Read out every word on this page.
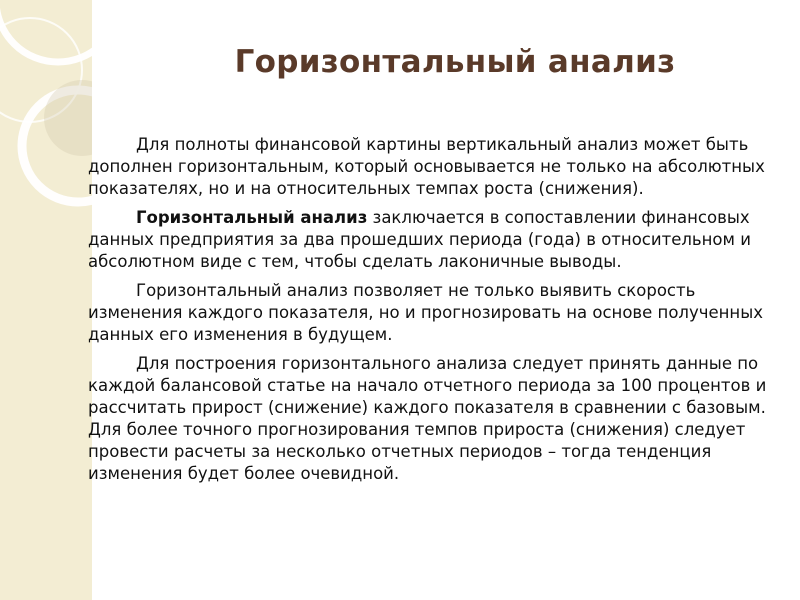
Горизонтальный анализ

Для полноты финансовой картины вертикальный анализ может быть дополнен горизонтальным, который основывается не только на абсолютных показателях, но и на относительных темпах роста (снижения).

Горизонтальный анализ заключается в сопоставлении финансовых данных предприятия за два прошедших периода (года) в относительном и абсолютном виде с тем, чтобы сделать лаконичные выводы.

Горизонтальный анализ позволяет не только выявить скорость изменения каждого показателя, но и прогнозировать на основе полученных данных его изменения в будущем.

Для построения горизонтального анализа следует принять данные по каждой балансовой статье на начало отчетного периода за 100 процентов и рассчитать прирост (снижение) каждого показателя в сравнении с базовым. Для более точного прогнозирования темпов прироста (снижения) следует провести расчеты за несколько отчетных периодов – тогда тенденция изменения будет более очевидной.
